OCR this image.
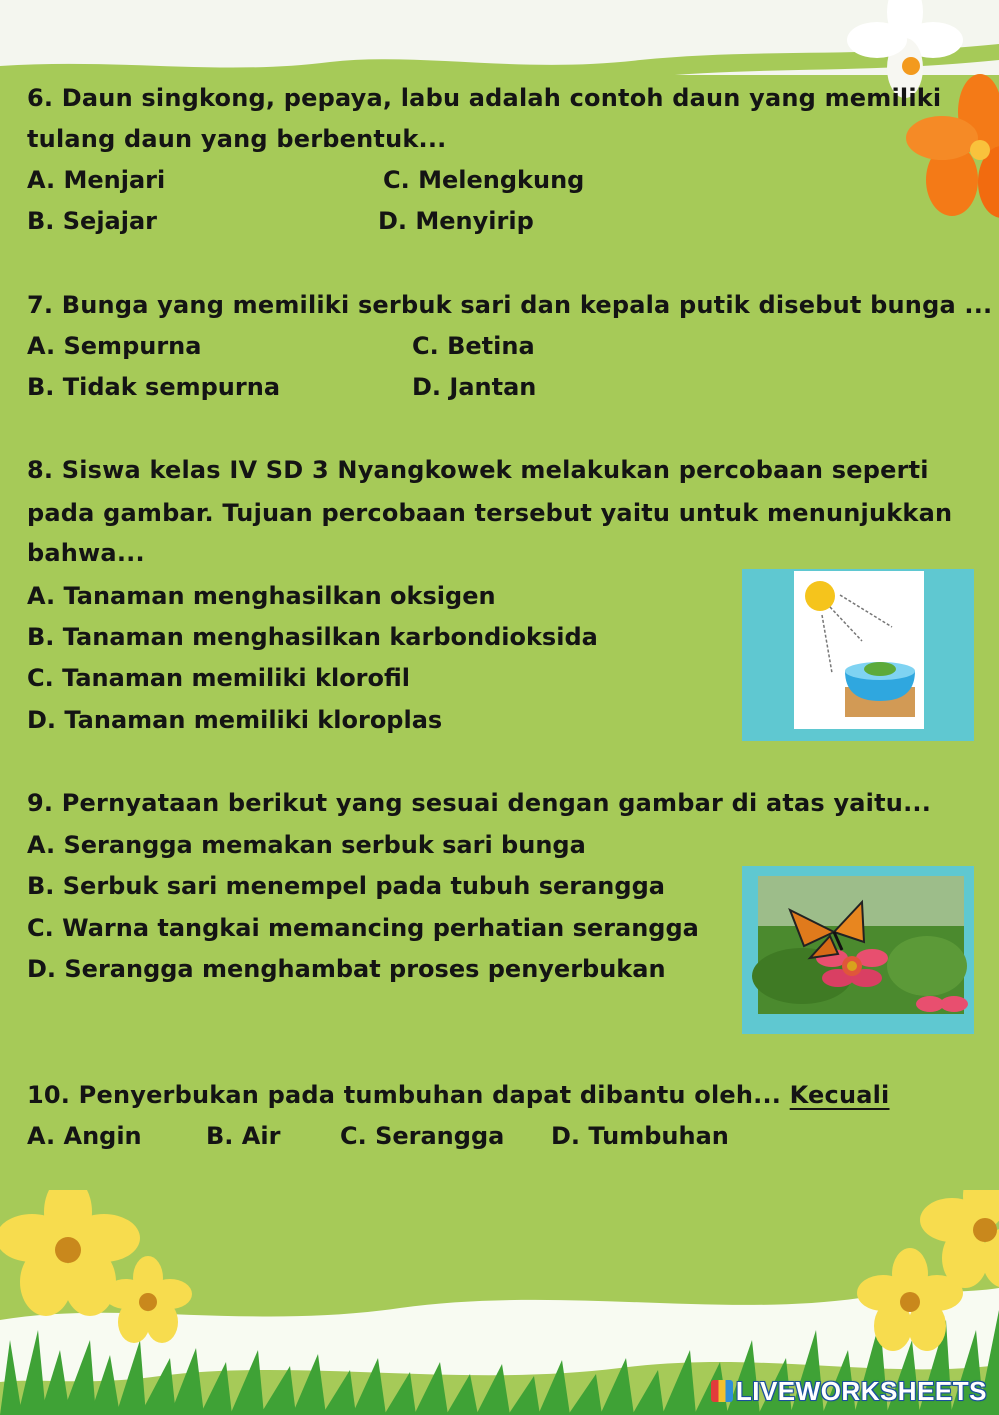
6. Daun singkong, pepaya, labu adalah contoh daun yang memiliki
tulang daun yang berbentuk...
A. Menjari	C. Melengkung
B. Sejajar	D. Menyirip
7. Bunga yang memiliki serbuk sari dan kepala putik disebut bunga ...
A. Sempurna	C. Betina
B. Tidak sempurna	D. Jantan
8. Siswa kelas IV SD 3 Nyangkowek melakukan percobaan seperti
pada gambar. Tujuan percobaan tersebut yaitu untuk menunjukkan
bahwa...
A. Tanaman menghasilkan oksigen
B. Tanaman menghasilkan karbondioksida
C. Tanaman memiliki klorofil
D. Tanaman memiliki kloroplas
9. Pernyataan berikut yang sesuai dengan gambar di atas yaitu...
A. Serangga memakan serbuk sari bunga
B. Serbuk sari menempel pada tubuh serangga
C. Warna tangkai memancing perhatian serangga
D. Serangga menghambat proses penyerbukan
10. Penyerbukan pada tumbuhan dapat dibantu oleh... Kecuali
A. Angin	B. Air C. Serangga D. Tumbuhan
LIVEWORKSHEETS
